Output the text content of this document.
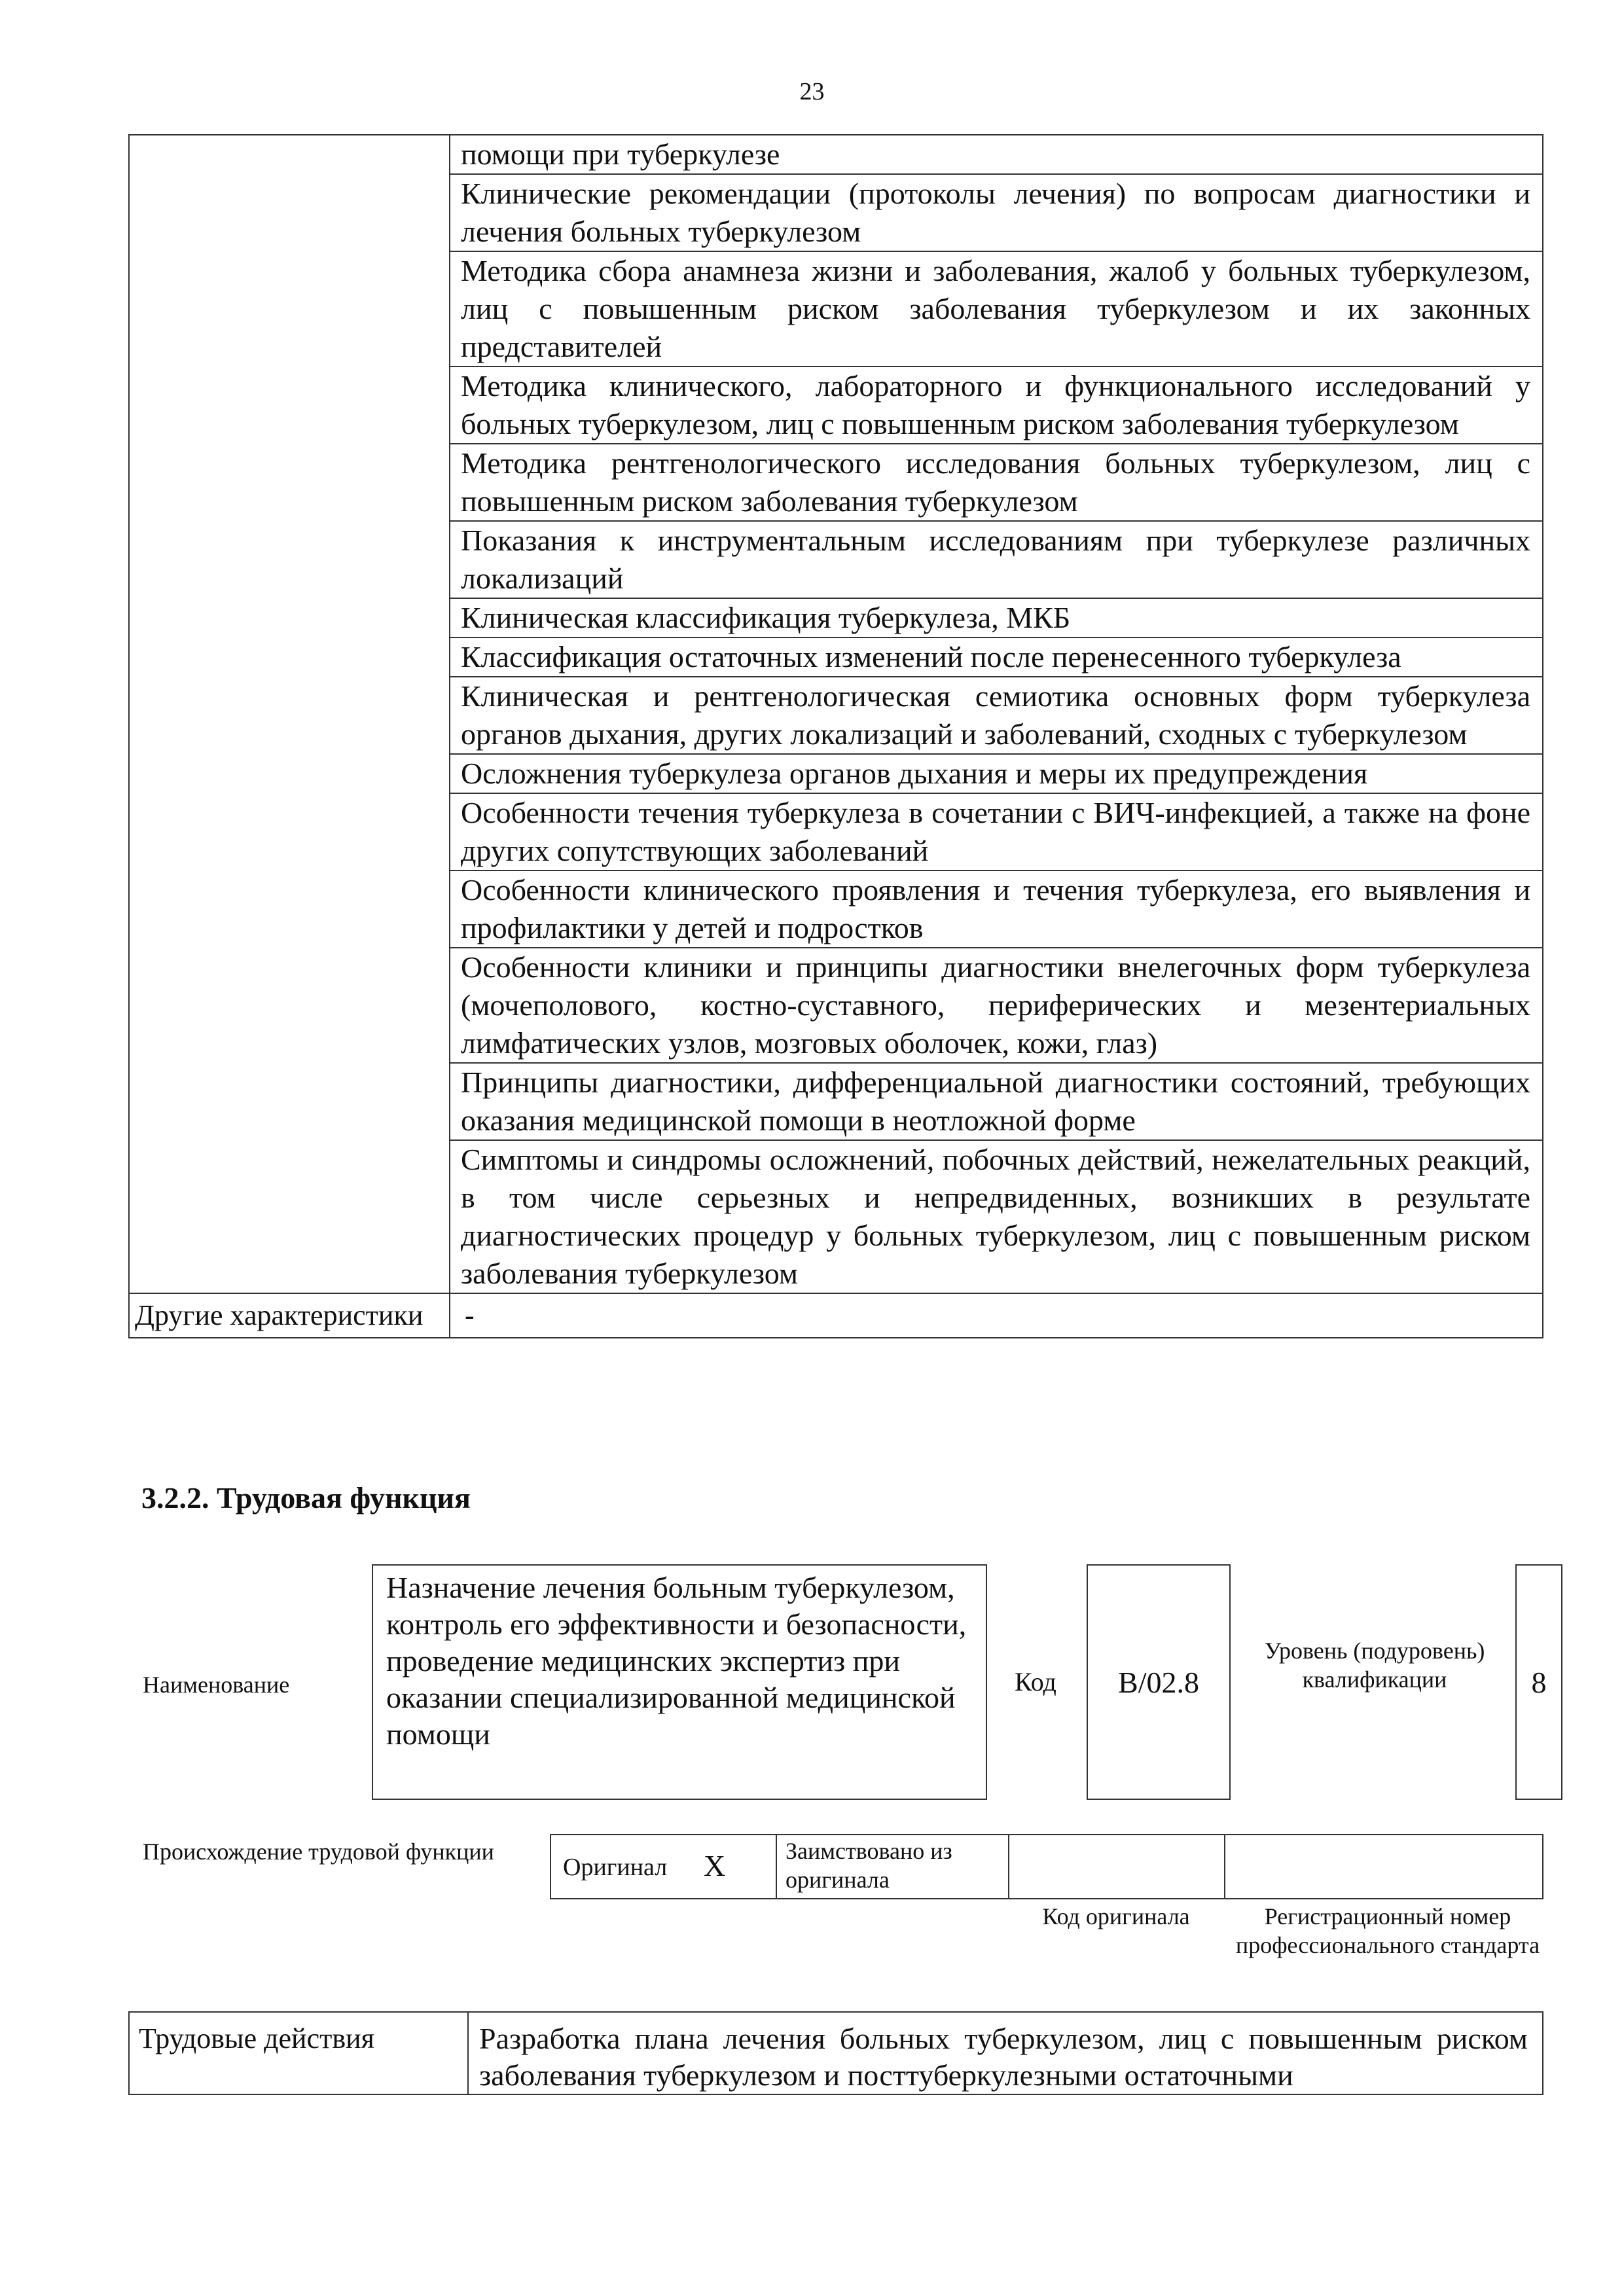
23
	помощи при туберкулезе
	Клинические рекомендации (протоколы лечения) по вопросам диагностики и лечения больных туберкулезом
	Методика сбора анамнеза жизни и заболевания, жалоб у больных туберкулезом, лиц с повышенным риском заболевания туберкулезом и их законных представителей
	Методика клинического, лабораторного и функционального исследований у больных туберкулезом, лиц с повышенным риском заболевания туберкулезом
	Методика рентгенологического исследования больных туберкулезом, лиц с повышенным риском заболевания туберкулезом
	Показания к инструментальным исследованиям при туберкулезе различных локализаций
	Клиническая классификация туберкулеза, МКБ
	Классификация остаточных изменений после перенесенного туберкулеза
	Клиническая и рентгенологическая семиотика основных форм туберкулеза органов дыхания, других локализаций и заболеваний, сходных с туберкулезом
	Осложнения туберкулеза органов дыхания и меры их предупреждения
	Особенности течения туберкулеза в сочетании с ВИЧ-инфекцией, а также на фоне других сопутствующих заболеваний
	Особенности клинического проявления и течения туберкулеза, его выявления и профилактики у детей и подростков
	Особенности клиники и принципы диагностики внелегочных форм туберкулеза (мочеполового, костно-суставного, периферических и мезентериальных лимфатических узлов, мозговых оболочек, кожи, глаз)
	Принципы диагностики, дифференциальной диагностики состояний, требующих оказания медицинской помощи в неотложной форме
	Симптомы и синдромы осложнений, побочных действий, нежелательных реакций, в том числе серьезных и непредвиденных, возникших в результате диагностических процедур у больных туберкулезом, лиц с повышенным риском заболевания туберкулезом
Другие характеристики	-
3.2.2. Трудовая функция
Наименование
Назначение лечения больным туберкулезом, контроль его эффективности и безопасности, проведение медицинских экспертиз при оказании специализированной медицинской помощи
Код	B/02.8
Уровень (подуровень) квалификации	8
Происхождение трудовой функции
Оригинал X	Заимствовано из оригинала
Код оригинала	Регистрационный номер профессионального стандарта
Трудовые действия	Разработка плана лечения больных туберкулезом, лиц с повышенным риском заболевания туберкулезом и посттуберкулезными остаточными
